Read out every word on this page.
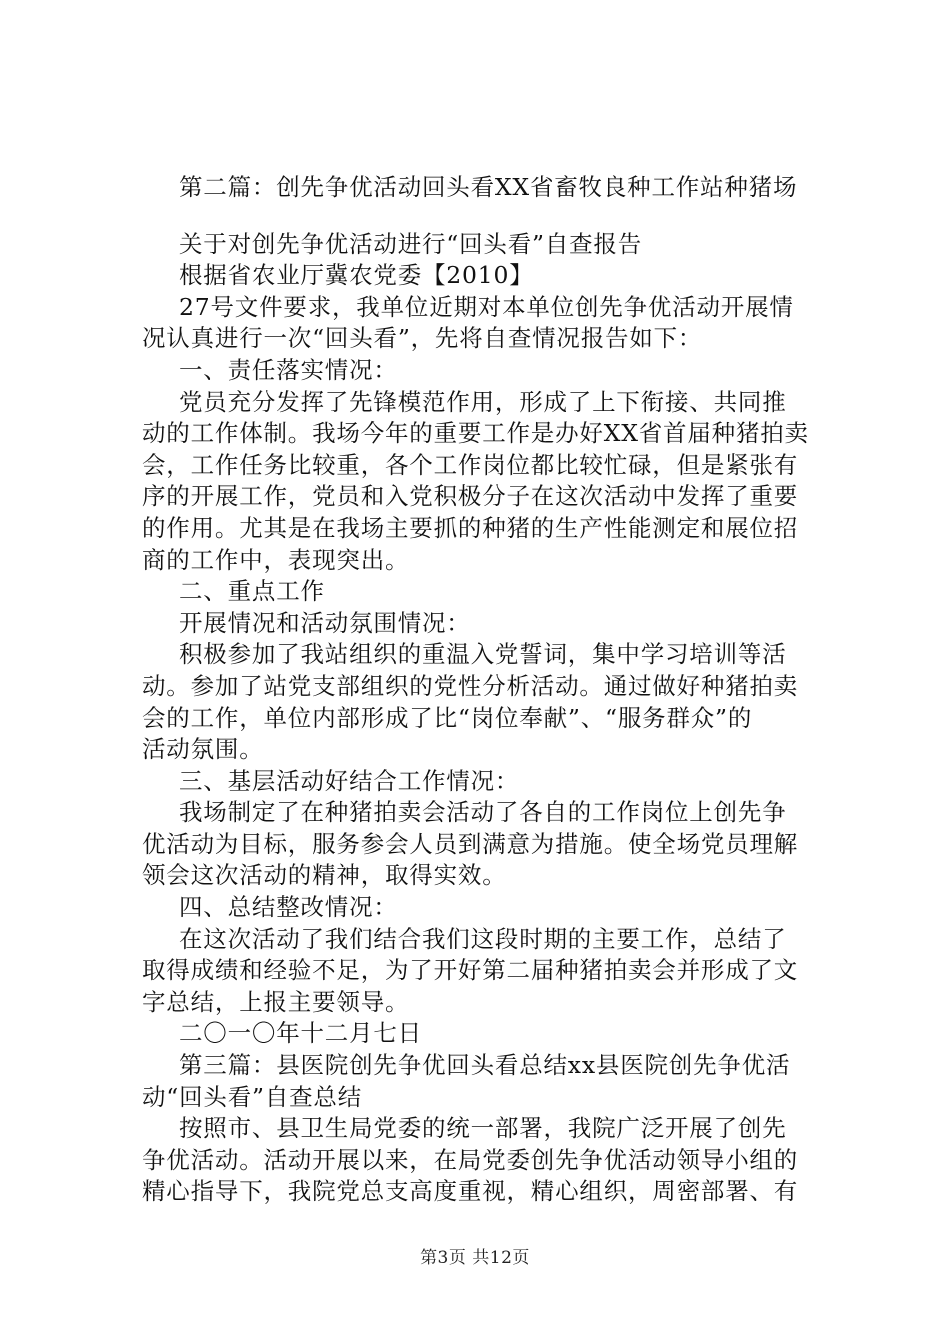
第二篇：创先争优活动回头看XX省畜牧良种工作站种猪场

关于对创先争优活动进行“回头看”自查报告

根据省农业厅冀农党委【2010】

27号文件要求，我单位近期对本单位创先争优活动开展情

况认真进行一次“回头看”，先将自查情况报告如下：

一、责任落实情况：

党员充分发挥了先锋模范作用，形成了上下衔接、共同推

动的工作体制。我场今年的重要工作是办好XX省首届种猪拍卖

会，工作任务比较重，各个工作岗位都比较忙碌，但是紧张有

序的开展工作，党员和入党积极分子在这次活动中发挥了重要

的作用。尤其是在我场主要抓的种猪的生产性能测定和展位招

商的工作中，表现突出。

二、重点工作

开展情况和活动氛围情况：

积极参加了我站组织的重温入党誓词，集中学习培训等活

动。参加了站党支部组织的党性分析活动。通过做好种猪拍卖

会的工作，单位内部形成了比“岗位奉献”、“服务群众”的

活动氛围。

三、基层活动好结合工作情况：

我场制定了在种猪拍卖会活动了各自的工作岗位上创先争

优活动为目标，服务参会人员到满意为措施。使全场党员理解

领会这次活动的精神，取得实效。

四、总结整改情况：

在这次活动了我们结合我们这段时期的主要工作，总结了

取得成绩和经验不足，为了开好第二届种猪拍卖会并形成了文

字总结，上报主要领导。

二〇一〇年十二月七日

第三篇：县医院创先争优回头看总结xx县医院创先争优活

动“回头看”自查总结

按照市、县卫生局党委的统一部署，我院广泛开展了创先

争优活动。活动开展以来，在局党委创先争优活动领导小组的

精心指导下，我院党总支高度重视，精心组织，周密部署、有

第3页 共12页
